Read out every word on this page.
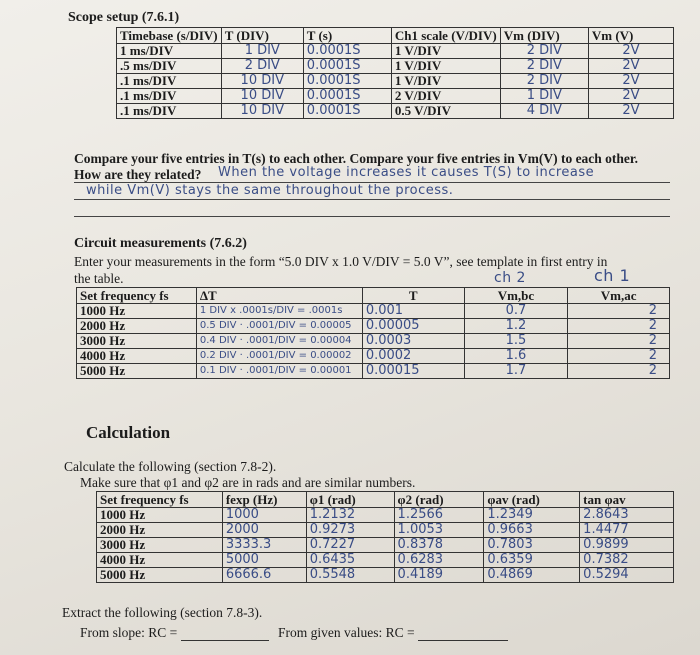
Scope setup (7.6.1)
Timebase (s/DIV)	T (DIV)	T (s)	Ch1 scale (V/DIV)	Vm (DIV)	Vm (V)
1 ms/DIV	1 DIV	0.0001S	1 V/DIV	2 DIV	2V
.5 ms/DIV	2 DIV	0.0001S	1 V/DIV	2 DIV	2V
.1 ms/DIV	10 DIV	0.0001S	1 V/DIV	2 DIV	2V
.1 ms/DIV	10 DIV	0.0001S	2 V/DIV	1 DIV	2V
.1 ms/DIV	10 DIV	0.0001S	0.5 V/DIV	4 DIV	2V
Compare your five entries in T(s) to each other. Compare your five entries in Vm(V) to each other.
How are they related? When the voltage increases it causes T(S) to increase
while Vm(V) stays the same throughout the process.
Circuit measurements (7.6.2)
Enter your measurements in the form “5.0 DIV x 1.0 V/DIV = 5.0 V”, see template in first entry in
the table.	ch 2	ch 1
Set frequency fs	ΔT	T	Vm,bc	Vm,ac
1000 Hz	1 DIV x .0001s/DIV = .0001s	0.001	0.7	2
2000 Hz	0.5 DIV · .0001/DIV = 0.00005	0.00005	1.2	2
3000 Hz	0.4 DIV · .0001/DIV = 0.00004	0.0003	1.5	2
4000 Hz	0.2 DIV · .0001/DIV = 0.00002	0.0002	1.6	2
5000 Hz	0.1 DIV · .0001/DIV = 0.00001	0.00015	1.7	2
Calculation
Calculate the following (section 7.8-2).
Make sure that φ1 and φ2 are in rads and are similar numbers.
Set frequency fs	fexp (Hz)	φ1 (rad)	φ2 (rad)	φav (rad)	tan φav
1000 Hz	1000	1.2132	1.2566	1.2349	2.8643
2000 Hz	2000	0.9273	1.0053	0.9663	1.4477
3000 Hz	3333.3	0.7227	0.8378	0.7803	0.9899
4000 Hz	5000	0.6435	0.6283	0.6359	0.7382
5000 Hz	6666.6	0.5548	0.4189	0.4869	0.5294
Extract the following (section 7.8-3).
From slope: RC =	From given values: RC =
